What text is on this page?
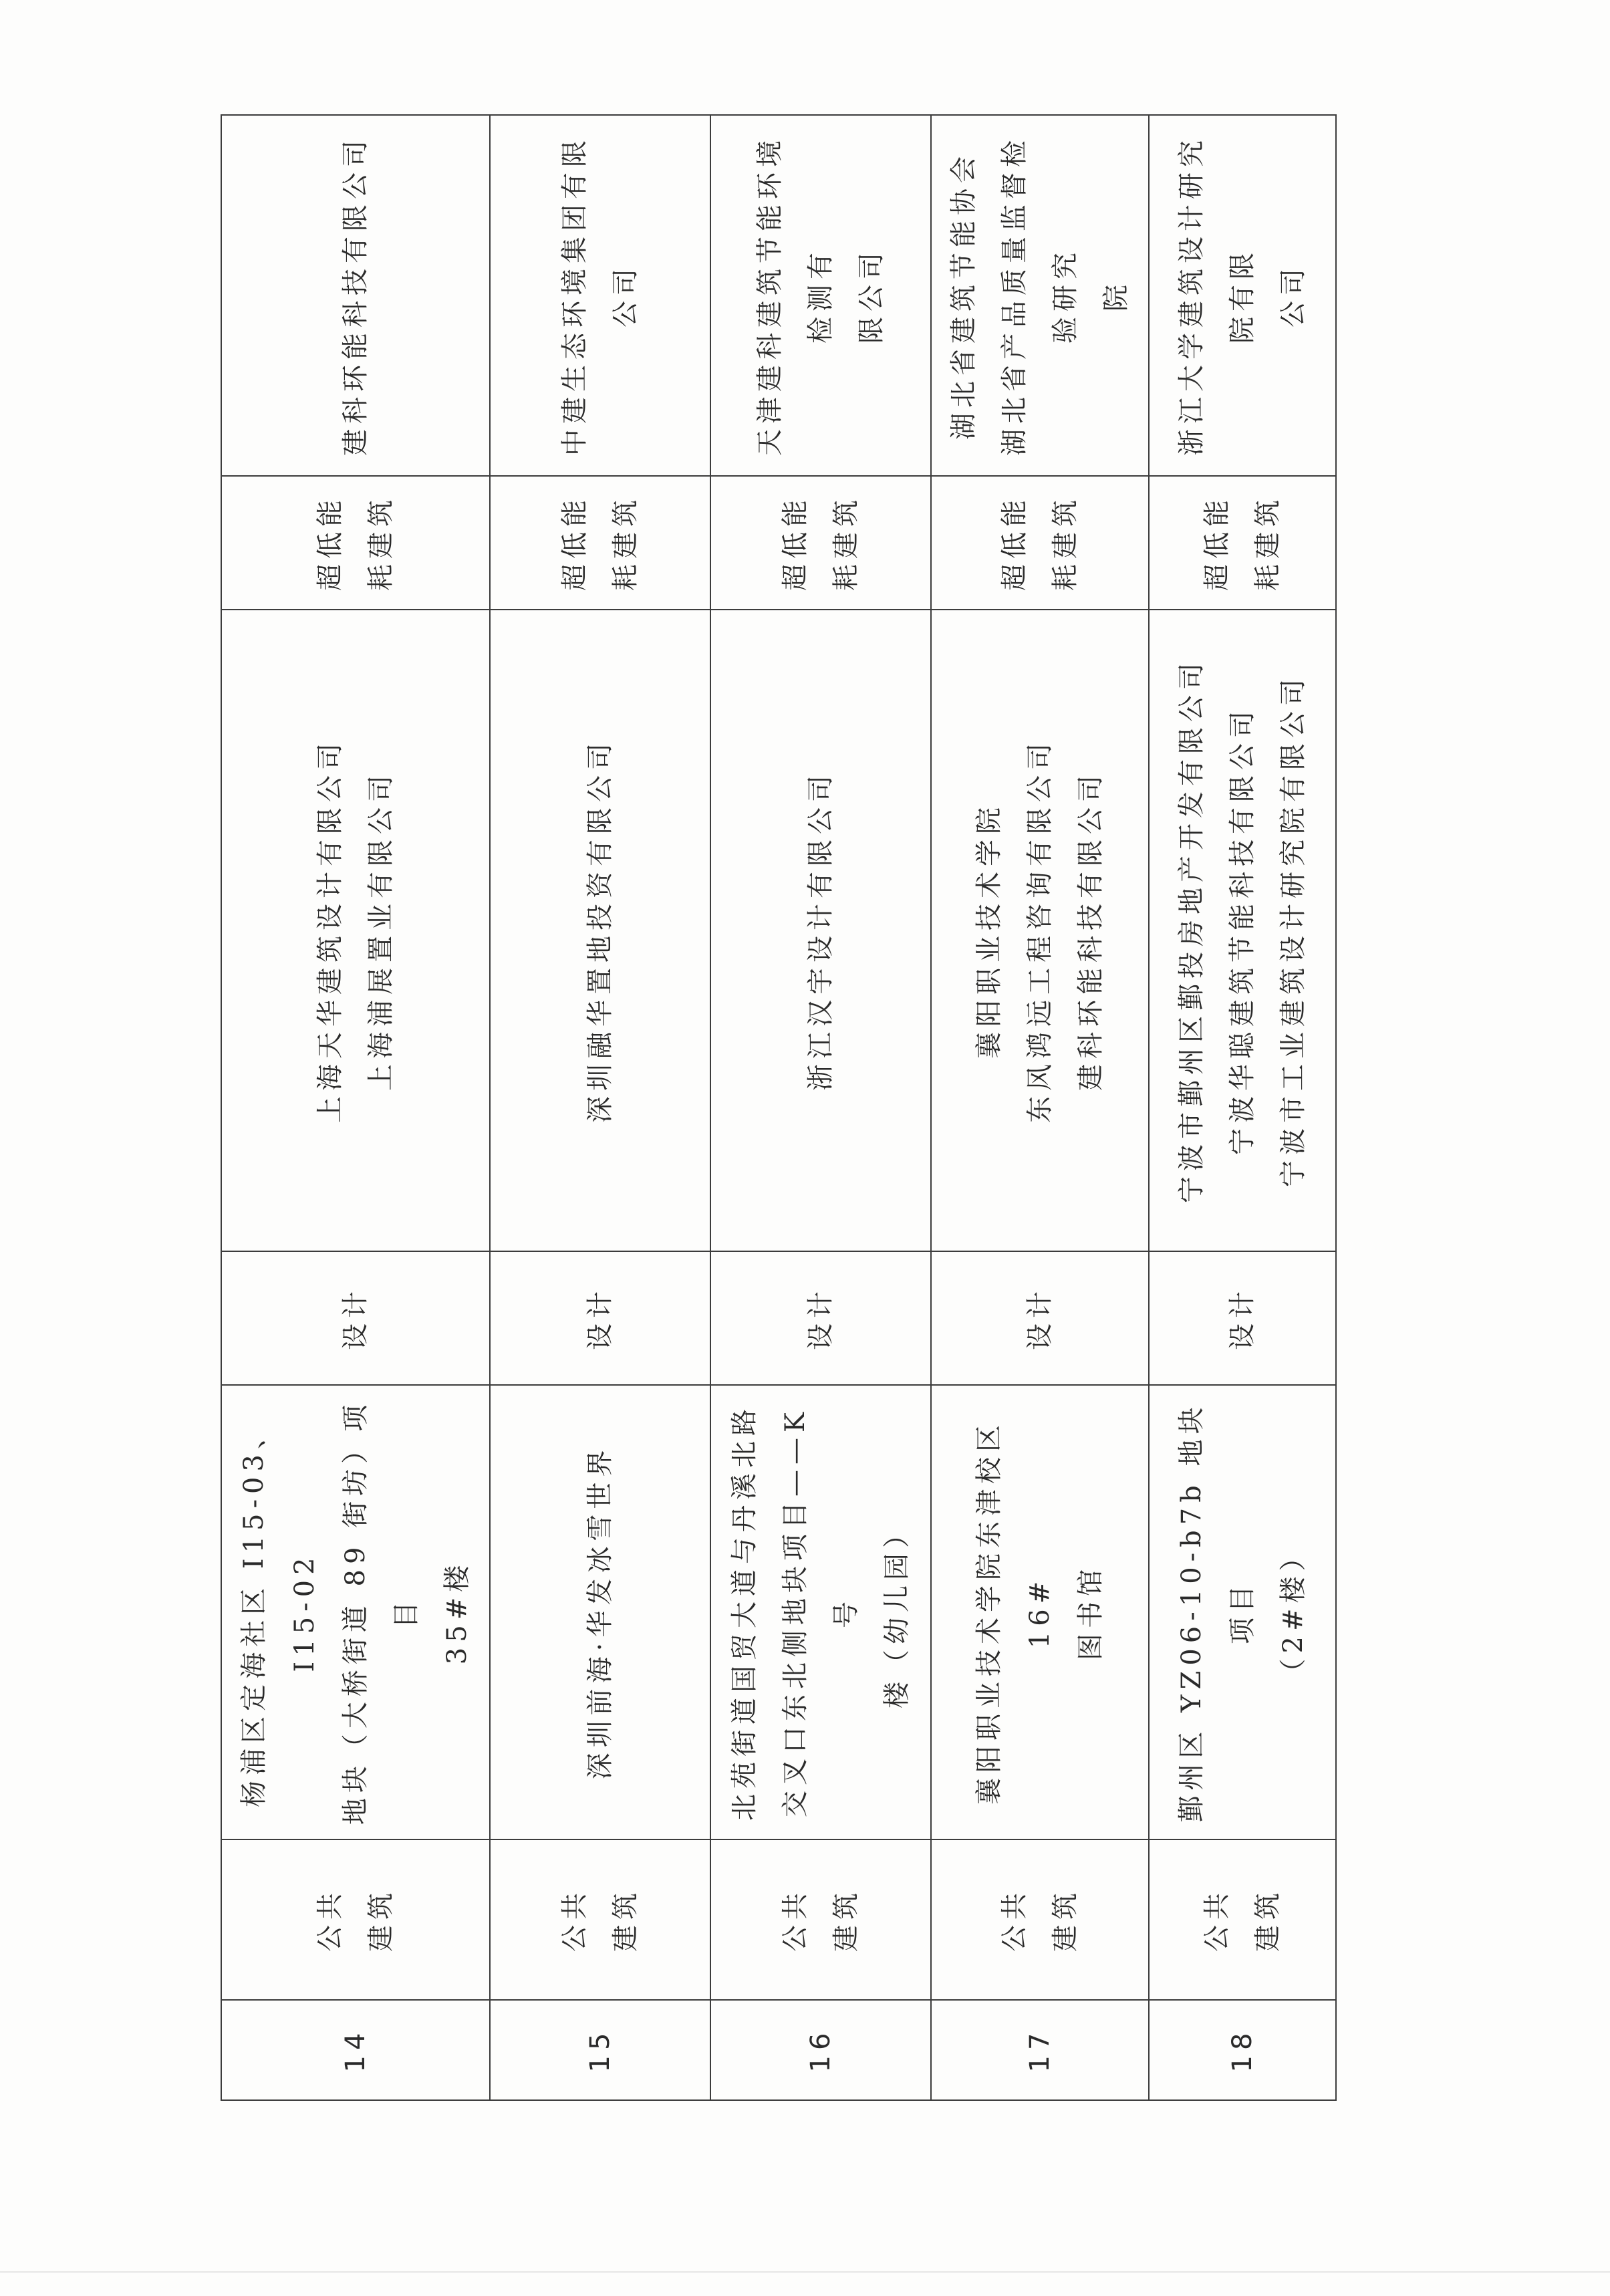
14	公共 建筑	杨浦区定海社区 I15-03、I15-02 地块（大桥街道 89 街坊）项目 35#楼	设计	上海天华建筑设计有限公司 上海浦展置业有限公司	超低能 耗建筑	建科环能科技有限公司

15	公共 建筑	深圳前海·华发冰雪世界	设计	深圳融华置地投资有限公司	超低能 耗建筑	中建生态环境集团有限公司

16	公共 建筑	北苑街道国贸大道与丹溪北路 交叉口东北侧地块项目——K 号 楼（幼儿园）	设计	浙江汉宇设计有限公司	超低能 耗建筑	天津建科建筑节能环境检测有 限公司

17	公共 建筑	襄阳职业技术学院东津校区 16# 图书馆	设计	襄阳职业技术学院 东风鸿远工程咨询有限公司 建科环能科技有限公司	超低能 耗建筑	湖北省建筑节能协会 湖北省产品质量监督检验研究 院

18	公共 建筑	鄞州区 YZ06-10-b7b 地块项目 （2#楼）	设计	宁波市鄞州区鄞投房地产开发有限公司 宁波华聪建筑节能科技有限公司 宁波市工业建筑设计研究院有限公司	超低能 耗建筑	浙江大学建筑设计研究院有限 公司
